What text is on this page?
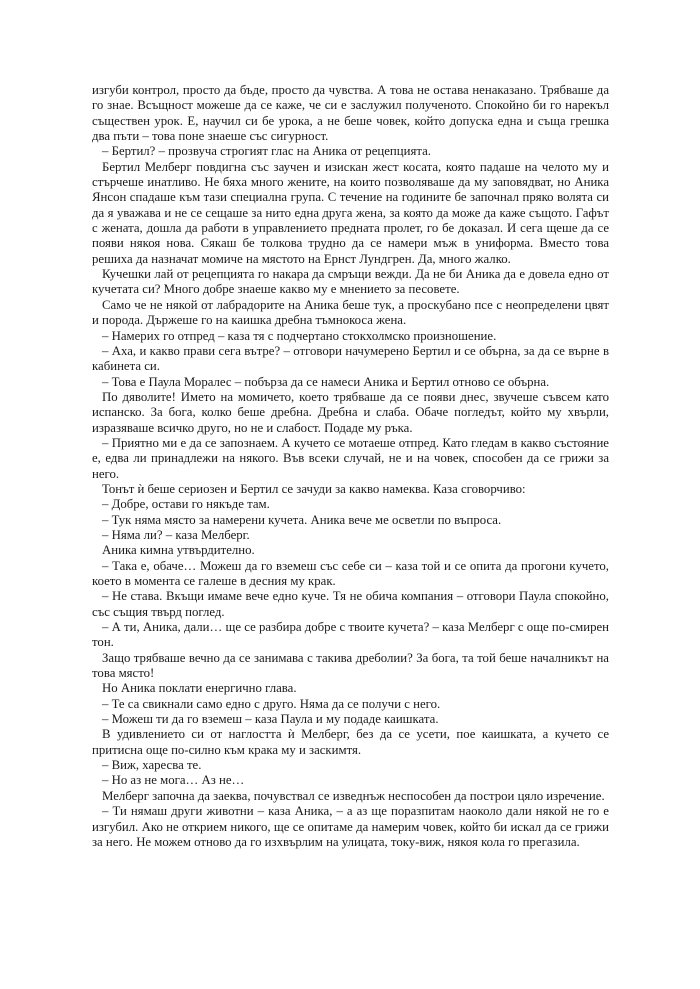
изгуби контрол, просто да бъде, просто да чувства. А това не остава ненаказано. Трябваше да го знае. Всъщност можеше да се каже, че си е заслужил полученото. Спокойно би го нарекъл съществен урок. Е, научил си бе урока, а не беше човек, който допуска една и съща грешка два пъти – това поне знаеше със сигурност.

– Бертил? – прозвуча строгият глас на Аника от рецепцията.

Бертил Мелберг повдигна със заучен и изискан жест косата, която падаше на челото му и стърчеше инатливо. Не бяха много жените, на които позволяваше да му заповядват, но Аника Янсон спадаше към тази специална група. С течение на годините бе започнал пряко волята си да я уважава и не се сещаше за нито една друга жена, за която да може да каже същото. Гафът с жената, дошла да работи в управлението предната пролет, го бе доказал. И сега щеше да се появи някоя нова. Сякаш бе толкова трудно да се намери мъж в униформа. Вместо това решиха да назначат момиче на мястото на Ернст Лундгрен. Да, много жалко.

Кучешки лай от рецепцията го накара да смръщи вежди. Да не би Аника да е довела едно от кучетата си? Много добре знаеше какво му е мнението за песовете.

Само че не някой от лабрадорите на Аника беше тук, а проскубано псе с неопределени цвят и порода. Държеше го на каишка дребна тъмнокоса жена.

– Намерих го отпред – каза тя с подчертано стокхолмско произношение.

– Аха, и какво прави сега вътре? – отговори начумерено Бертил и се обърна, за да се върне в кабинета си.

– Това е Паула Моралес – побърза да се намеси Аника и Бертил отново се обърна.

По дяволите! Името на момичето, което трябваше да се появи днес, звучеше съвсем като испанско. За бога, колко беше дребна. Дребна и слаба. Обаче погледът, който му хвърли, изразяваше всичко друго, но не и слабост. Подаде му ръка.

– Приятно ми е да се запознаем. А кучето се мотаеше отпред. Като гледам в какво състояние е, едва ли принадлежи на някого. Във всеки случай, не и на човек, способен да се грижи за него.

Тонът ѝ беше сериозен и Бертил се зачуди за какво намеква. Каза сговорчиво:

– Добре, остави го някъде там.

– Тук няма място за намерени кучета. Аника вече ме осветли по въпроса.

– Няма ли? – каза Мелберг.

Аника кимна утвърдително.

– Така е, обаче… Можеш да го вземеш със себе си – каза той и се опита да прогони кучето, което в момента се галеше в десния му крак.

– Не става. Вкъщи имаме вече едно куче. Тя не обича компания – отговори Паула спокойно, със същия твърд поглед.

– А ти, Аника, дали… ще се разбира добре с твоите кучета? – каза Мелберг с още по-смирен тон.

Защо трябваше вечно да се занимава с такива дреболии? За бога, та той беше началникът на това място!

Но Аника поклати енергично глава.

– Те са свикнали само едно с друго. Няма да се получи с него.

– Можеш ти да го вземеш – каза Паула и му подаде каишката.

В удивлението си от наглостта ѝ Мелберг, без да се усети, пое каишката, а кучето се притисна още по-силно към крака му и заскимтя.

– Виж, харесва те.

– Но аз не мога… Аз не…

Мелберг започна да заеква, почувствал се изведнъж неспособен да построи цяло изречение.

– Ти нямаш други животни – каза Аника, – а аз ще поразпитам наоколо дали някой не го е изгубил. Ако не открием никого, ще се опитаме да намерим човек, който би искал да се грижи за него. Не можем отново да го изхвърлим на улицата, току-виж, някоя кола го прегазила.
